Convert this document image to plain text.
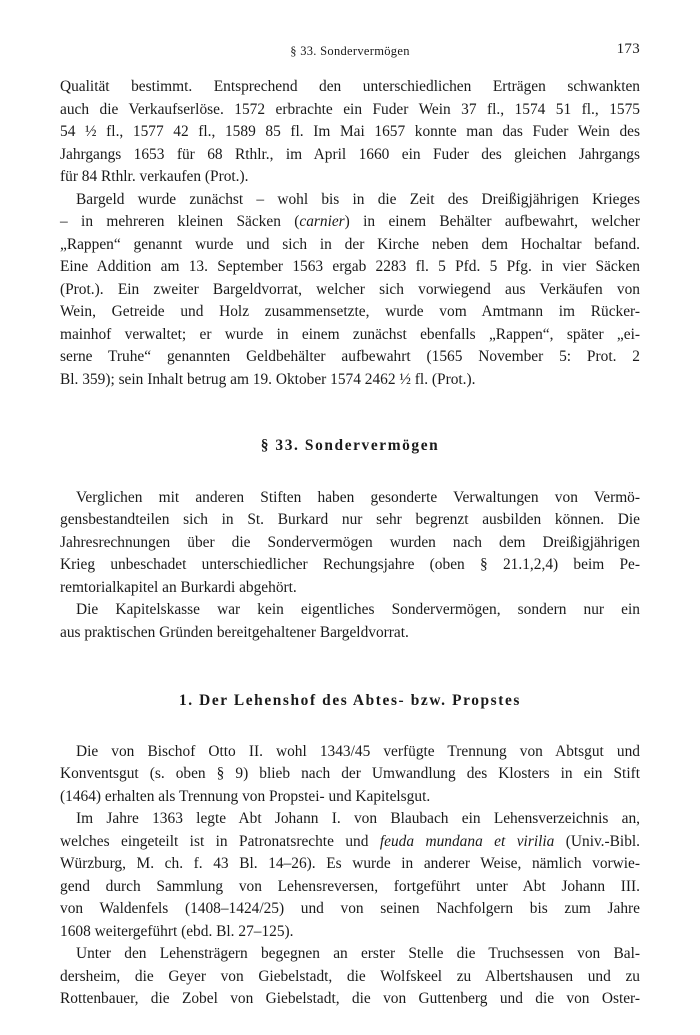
§ 33. Sondervermögen	173

Qualität bestimmt. Entsprechend den unterschiedlichen Erträgen schwankten

auch die Verkaufserlöse. 1572 erbrachte ein Fuder Wein 37 fl., 1574 51 fl., 1575

54 ½ fl., 1577 42 fl., 1589 85 fl. Im Mai 1657 konnte man das Fuder Wein des

Jahrgangs 1653 für 68 Rthlr., im April 1660 ein Fuder des gleichen Jahrgangs

für 84 Rthlr. verkaufen (Prot.).

Bargeld wurde zunächst – wohl bis in die Zeit des Dreißigjährigen Krieges

– in mehreren kleinen Säcken (carnier) in einem Behälter aufbewahrt, welcher

„Rappen“ genannt wurde und sich in der Kirche neben dem Hochaltar befand.

Eine Addition am 13. September 1563 ergab 2283 fl. 5 Pfd. 5 Pfg. in vier Säcken

(Prot.). Ein zweiter Bargeldvorrat, welcher sich vorwiegend aus Verkäufen von

Wein, Getreide und Holz zusammensetzte, wurde vom Amtmann im Rücker-

mainhof verwaltet; er wurde in einem zunächst ebenfalls „Rappen“, später „ei-

serne Truhe“ genannten Geldbehälter aufbewahrt (1565 November 5: Prot. 2

Bl. 359); sein Inhalt betrug am 19. Oktober 1574 2462 ½ fl. (Prot.).

§ 33. Sondervermögen

Verglichen mit anderen Stiften haben gesonderte Verwaltungen von Vermö-

gensbestandteilen sich in St. Burkard nur sehr begrenzt ausbilden können. Die

Jahresrechnungen über die Sondervermögen wurden nach dem Dreißigjährigen

Krieg unbeschadet unterschiedlicher Rechungsjahre (oben § 21.1,2,4) beim Pe-

remtorialkapitel an Burkardi abgehört.

Die Kapitelskasse war kein eigentliches Sondervermögen, sondern nur ein

aus praktischen Gründen bereitgehaltener Bargeldvorrat.

1. Der Lehenshof des Abtes- bzw. Propstes

Die von Bischof Otto II. wohl 1343/45 verfügte Trennung von Abtsgut und

Konventsgut (s. oben § 9) blieb nach der Umwandlung des Klosters in ein Stift

(1464) erhalten als Trennung von Propstei- und Kapitelsgut.

Im Jahre 1363 legte Abt Johann I. von Blaubach ein Lehensverzeichnis an,

welches eingeteilt ist in Patronatsrechte und feuda mundana et virilia (Univ.-Bibl.

Würzburg, M. ch. f. 43 Bl. 14–26). Es wurde in anderer Weise, nämlich vorwie-

gend durch Sammlung von Lehensreversen, fortgeführt unter Abt Johann III.

von Waldenfels (1408–1424/25) und von seinen Nachfolgern bis zum Jahre

1608 weitergeführt (ebd. Bl. 27–125).

Unter den Lehensträgern begegnen an erster Stelle die Truchsessen von Bal-

dersheim, die Geyer von Giebelstadt, die Wolfskeel zu Albertshausen und zu

Rottenbauer, die Zobel von Giebelstadt, die von Guttenberg und die von Oster-
